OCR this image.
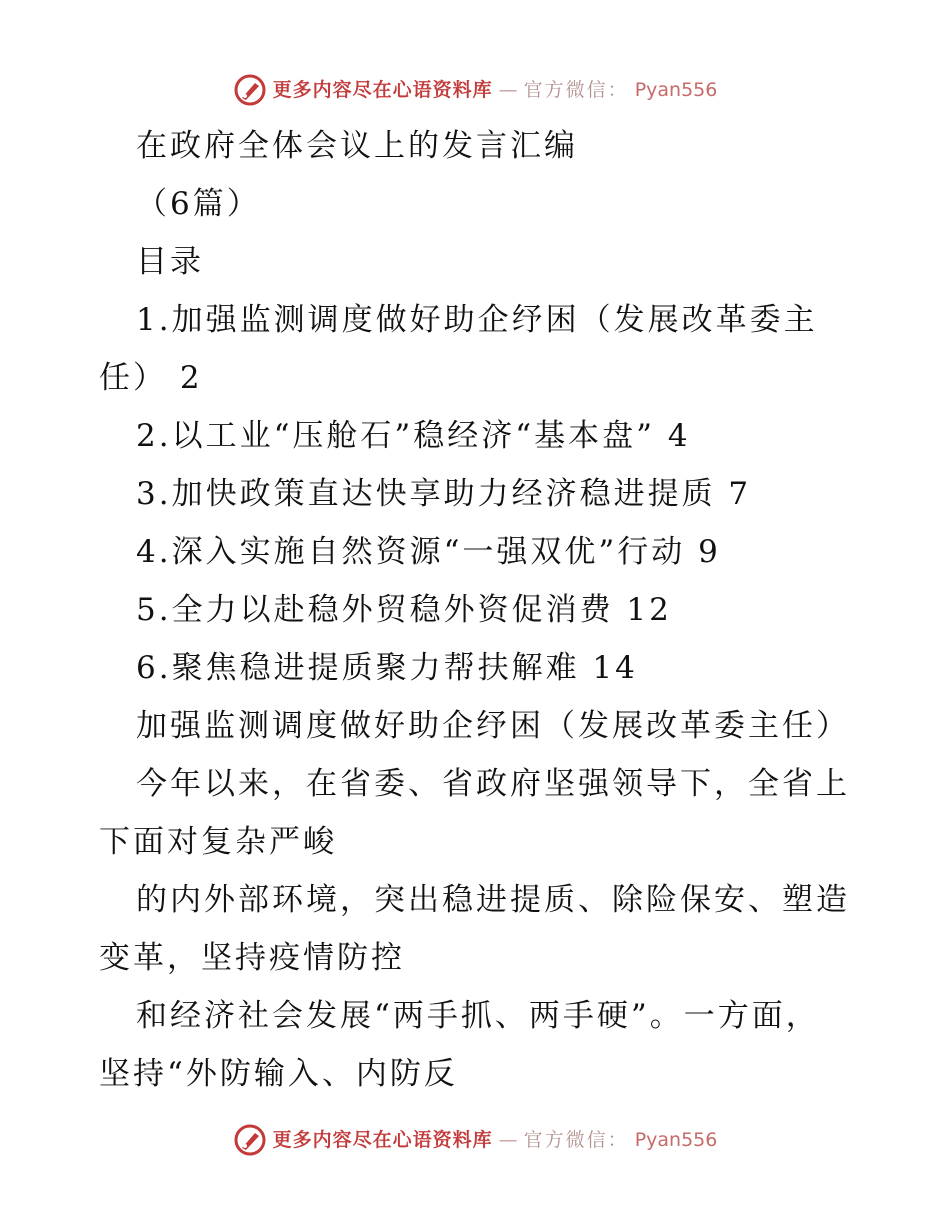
更多内容尽在心语资料库 — 官方微信： Pyan556
在政府全体会议上的发言汇编
（6篇）
目录
1.加强监测调度做好助企纾困（发展改革委主
任） 2
2.以工业“压舱石”稳经济“基本盘” 4
3.加快政策直达快享助力经济稳进提质 7
4.深入实施自然资源“一强双优”行动 9
5.全力以赴稳外贸稳外资促消费 12
6.聚焦稳进提质聚力帮扶解难 14
加强监测调度做好助企纾困（发展改革委主任）
今年以来，在省委、省政府坚强领导下，全省上
下面对复杂严峻
的内外部环境，突出稳进提质、除险保安、塑造
变革，坚持疫情防控
和经济社会发展“两手抓、两手硬”。一方面，
坚持“外防输入、内防反
更多内容尽在心语资料库 — 官方微信： Pyan556
